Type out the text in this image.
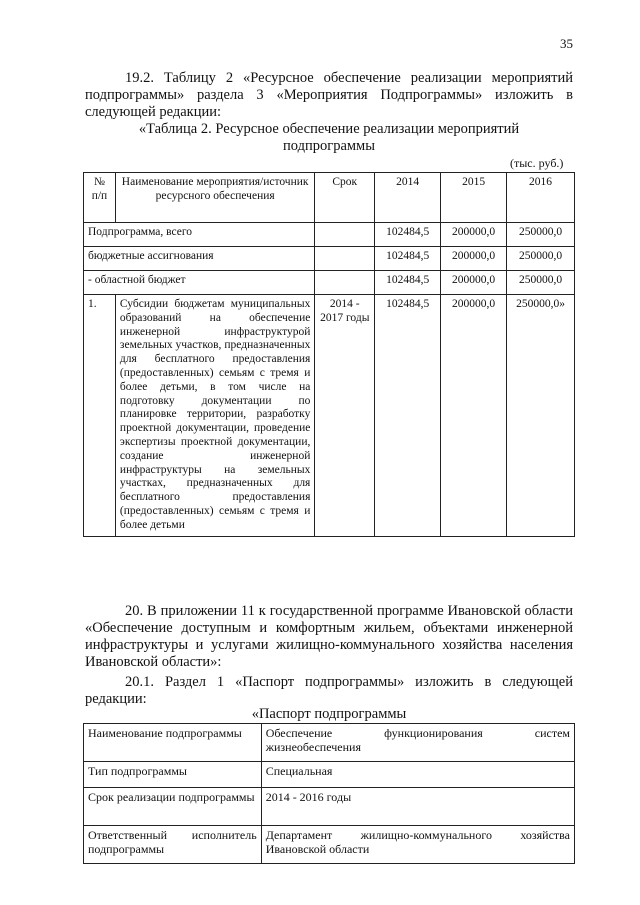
35

19.2. Таблицу 2 «Ресурсное обеспечение реализации мероприятий подпрограммы» раздела 3 «Мероприятия Подпрограммы» изложить в следующей редакции:

«Таблица 2. Ресурсное обеспечение реализации мероприятий
подпрограммы
(тыс. руб.)
№ п/п	Наименование мероприятия/источник ресурсного обеспечения	Срок	2014	2015	2016
Подпрограмма, всего			102484,5	200000,0	250000,0
бюджетные ассигнования			102484,5	200000,0	250000,0
- областной бюджет			102484,5	200000,0	250000,0
1.	Субсидии бюджетам муниципальных образований на обеспечение инженерной инфраструктурой земельных участков, предназначенных для бесплатного предоставления (предоставленных) семьям с тремя и более детьми, в том числе на подготовку документации по планировке территории, разработку проектной документации, проведение экспертизы проектной документации, создание инженерной инфраструктуры на земельных участках, предназначенных для бесплатного предоставления (предоставленных) семьям с тремя и более детьми	2014 - 2017 годы	102484,5	200000,0	250000,0»

20. В приложении 11 к государственной программе Ивановской области «Обеспечение доступным и комфортным жильем, объектами инженерной инфраструктуры и услугами жилищно-коммунального хозяйства населения Ивановской области»:

20.1. Раздел 1 «Паспорт подпрограммы» изложить в следующей редакции:

«Паспорт подпрограммы
Наименование подпрограммы	Обеспечение функционирования систем жизнеобеспечения
Тип подпрограммы	Специальная
Срок реализации подпрограммы	2014 - 2016 годы
Ответственный исполнитель подпрограммы	Департамент жилищно-коммунального хозяйства Ивановской области
